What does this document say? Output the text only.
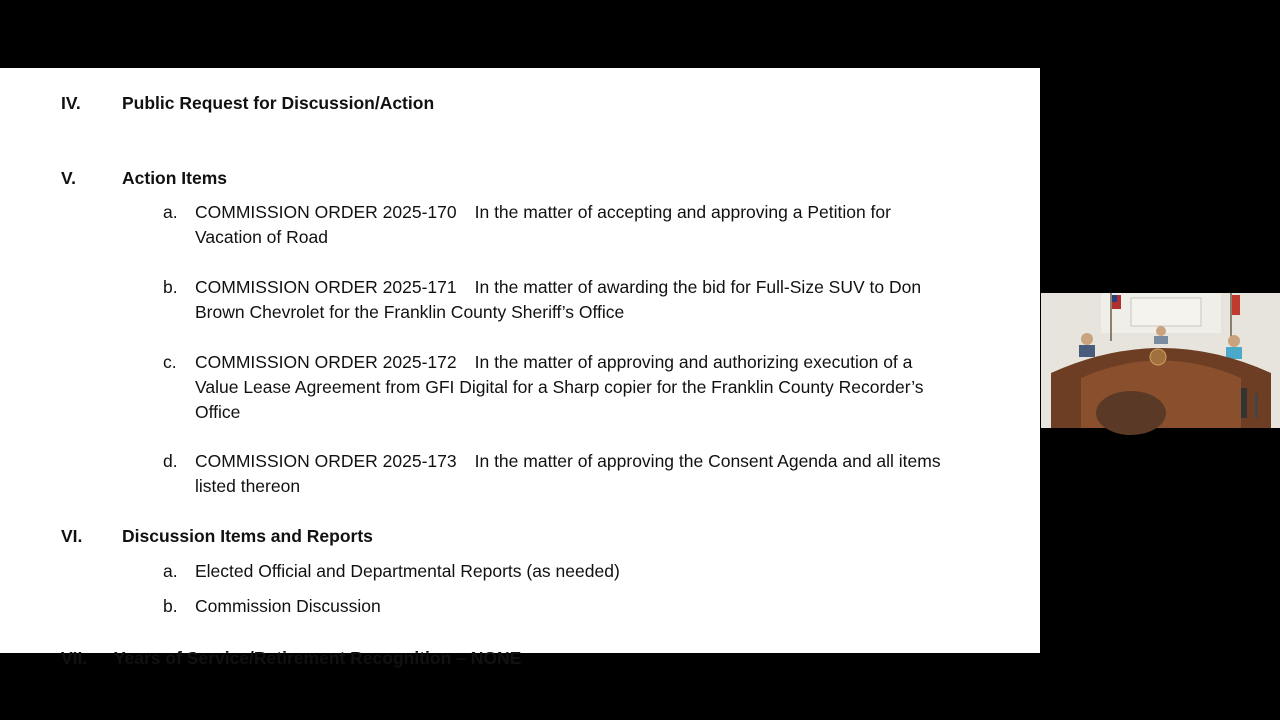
IV. Public Request for Discussion/Action
V.	Action Items
a. COMMISSION ORDER 2025-170 In the matter of accepting and approving a Petition for
Vacation of Road
b. COMMISSION ORDER 2025-171 In the matter of awarding the bid for Full-Size SUV to Don
Brown Chevrolet for the Franklin County Sheriff’s Office
c. COMMISSION ORDER 2025-172 In the matter of approving and authorizing execution of a
Value Lease Agreement from GFI Digital for a Sharp copier for the Franklin County Recorder’s
Office
d. COMMISSION ORDER 2025-173 In the matter of approving the Consent Agenda and all items
listed thereon
VI. Discussion Items and Reports
a. Elected Official and Departmental Reports (as needed)
b. Commission Discussion
VII. Years of Service/Retirement Recognition – NONE
